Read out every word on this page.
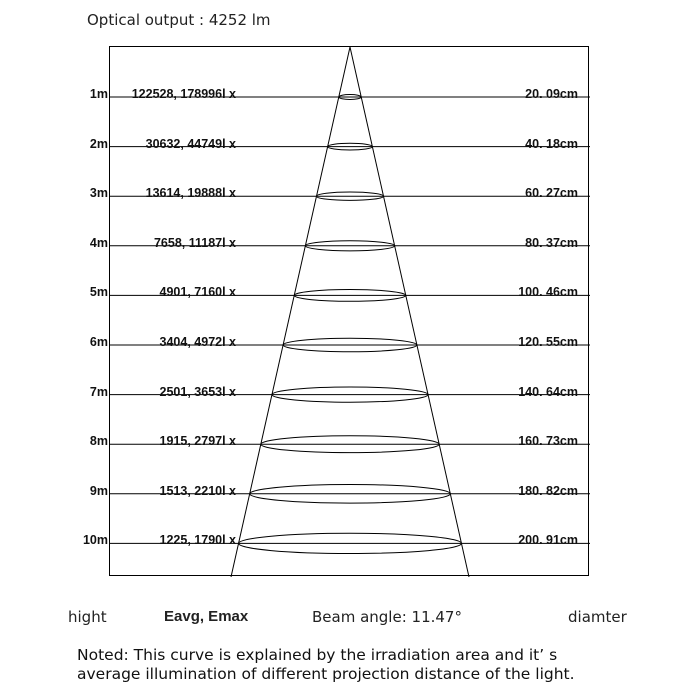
Optical output : 4252 lm
1m	122528, 178996l x	20. 09cm
2m	30632, 44749l x	40. 18cm
3m	13614, 19888l x	60. 27cm
4m	7658, 11187l x	80. 37cm
5m	4901, 7160l x	100. 46cm
6m	3404, 4972l x	120. 55cm
7m	2501, 3653l x	140. 64cm
8m	1915, 2797l x	160. 73cm
9m	1513, 2210l x	180. 82cm
10m	1225, 1790l x	200. 91cm
hight	Eavg, Emax	Beam angle: 11.47°	diamter
Noted: This curve is explained by the irradiation area and it’ s
average illumination of different projection distance of the light.
